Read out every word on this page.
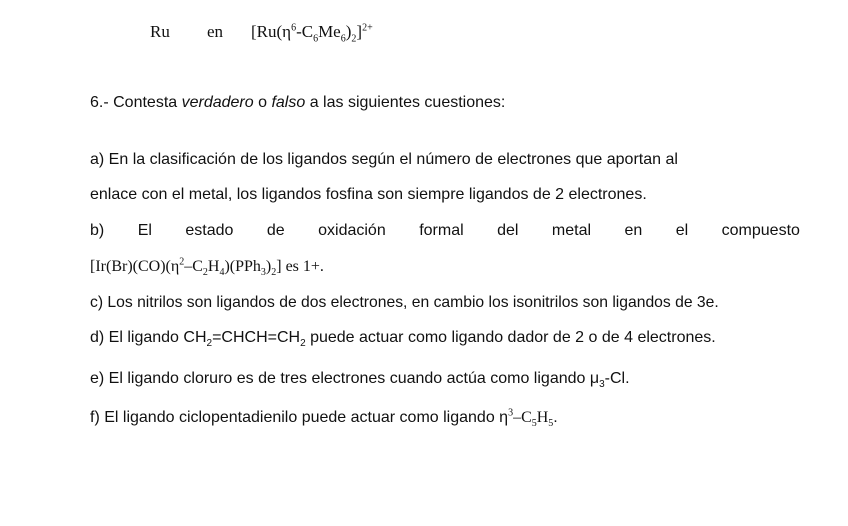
Ru en $[Ru(\eta^6-C_6Me_6)_2]^{2+}$
6.- Contesta verdadero o falso a las siguientes cuestiones:
a) En la clasificación de los ligandos según el número de electrones que aportan al
enlace con el metal, los ligandos fosfina son siempre ligandos de 2 electrones.
b) El estado de oxidación formal del metal en el compuesto
$[Ir(Br)(CO)(\eta^2-C_2H_4)(PPh_3)_2]$ es 1+.
c) Los nitrilos son ligandos de dos electrones, en cambio los isonitrilos son ligandos de 3e.
d) El ligando $CH_2=CHCH=CH_2$ puede actuar como ligando dador de 2 o de 4 electrones.
e) El ligando cloruro es de tres electrones cuando actúa como ligando $\mu_3-Cl$.
f) El ligando ciclopentadienilo puede actuar como ligando $\eta^3-C_5H_5$.
